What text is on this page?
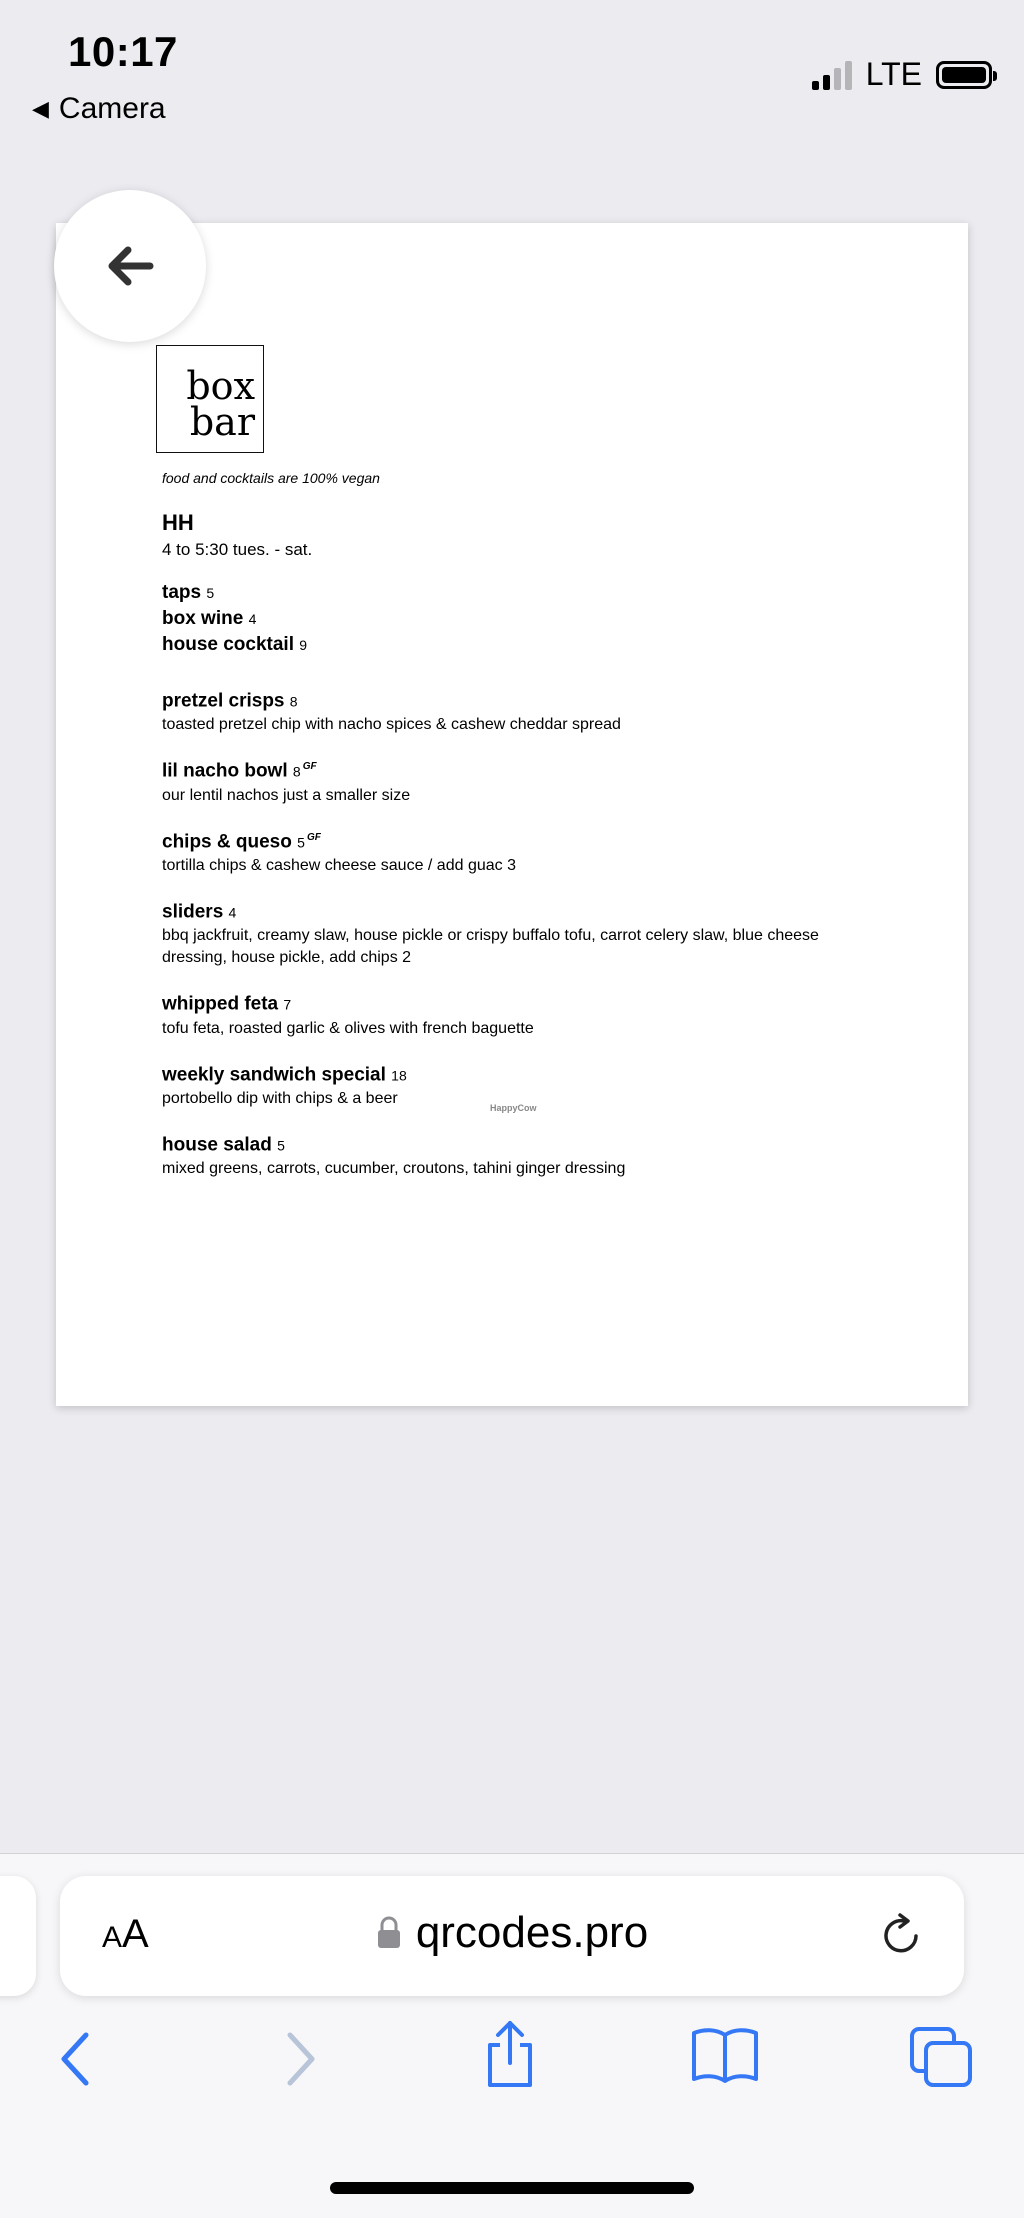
10:17
◀ Camera
LTE
box
bar
food and cocktails are 100% vegan
HH
4 to 5:30 tues. - sat.
taps 5
box wine 4
house cocktail 9
pretzel crisps 8
toasted pretzel chip with nacho spices & cashew cheddar spread
lil nacho bowl 8 $^{GF}$
our lentil nachos just a smaller size
chips & queso 5 $^{GF}$
tortilla chips & cashew cheese sauce / add guac 3
sliders 4
bbq jackfruit, creamy slaw, house pickle or crispy buffalo tofu, carrot celery slaw, blue cheese dressing, house pickle, add chips 2
whipped feta 7
tofu feta, roasted garlic & olives with french baguette
weekly sandwich special 18
portobello dip with chips & a beer
house salad 5
mixed greens, carrots, cucumber, croutons, tahini ginger dressing
HappyCow
AA	qrcodes.pro
